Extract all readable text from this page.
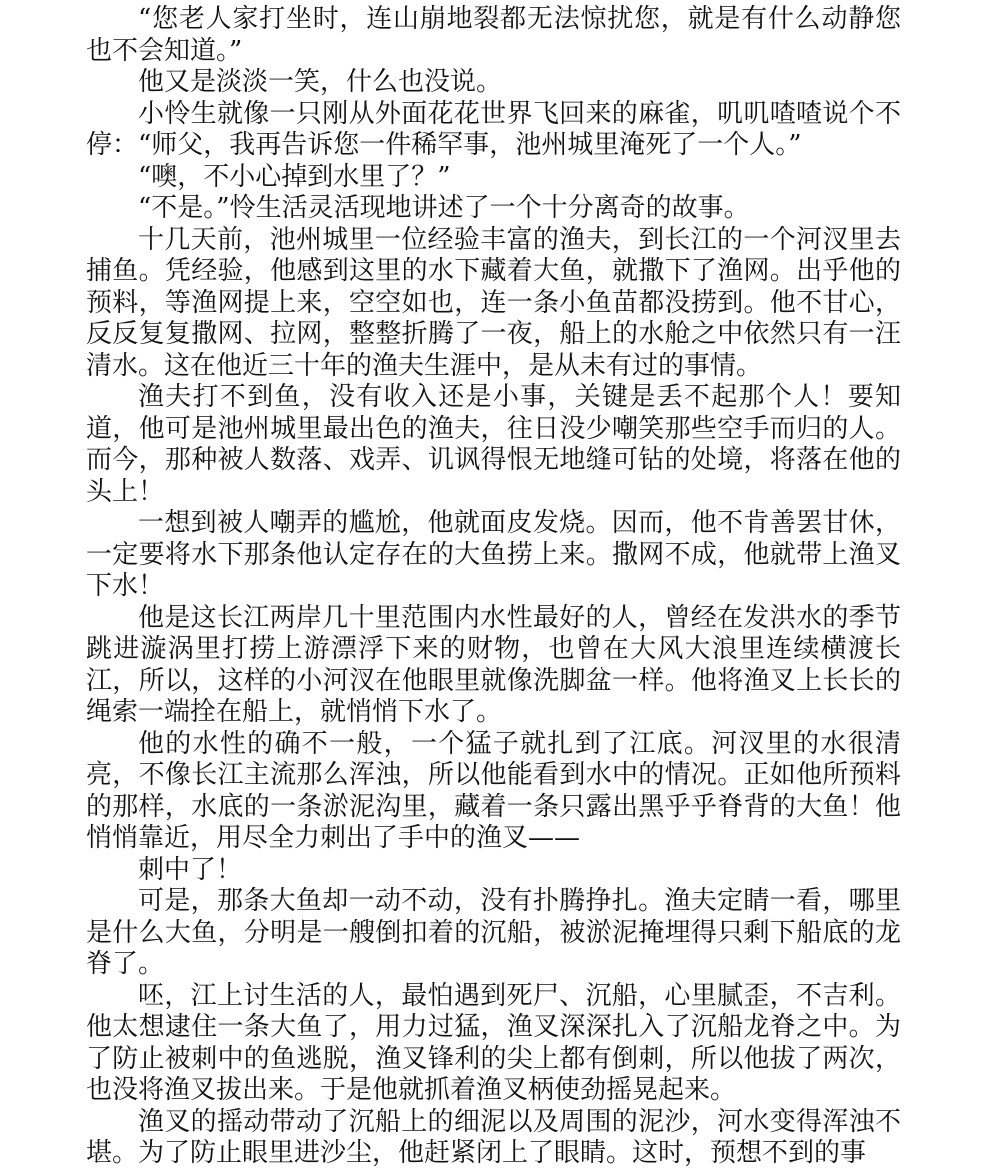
“您老人家打坐时，连山崩地裂都无法惊扰您，就是有什么动静您也不会知道。”

他又是淡淡一笑，什么也没说。

小怜生就像一只刚从外面花花世界飞回来的麻雀，叽叽喳喳说个不停：“师父，我再告诉您一件稀罕事，池州城里淹死了一个人。”

“噢，不小心掉到水里了？”

“不是。”怜生活灵活现地讲述了一个十分离奇的故事。

十几天前，池州城里一位经验丰富的渔夫，到长江的一个河汊里去捕鱼。凭经验，他感到这里的水下藏着大鱼，就撒下了渔网。出乎他的预料，等渔网提上来，空空如也，连一条小鱼苗都没捞到。他不甘心，反反复复撒网、拉网，整整折腾了一夜，船上的水舱之中依然只有一汪清水。这在他近三十年的渔夫生涯中，是从未有过的事情。

渔夫打不到鱼，没有收入还是小事，关键是丢不起那个人！要知道，他可是池州城里最出色的渔夫，往日没少嘲笑那些空手而归的人。而今，那种被人数落、戏弄、讥讽得恨无地缝可钻的处境，将落在他的头上！

一想到被人嘲弄的尴尬，他就面皮发烧。因而，他不肯善罢甘休，一定要将水下那条他认定存在的大鱼捞上来。撒网不成，他就带上渔叉下水！

他是这长江两岸几十里范围内水性最好的人，曾经在发洪水的季节跳进漩涡里打捞上游漂浮下来的财物，也曾在大风大浪里连续横渡长江，所以，这样的小河汊在他眼里就像洗脚盆一样。他将渔叉上长长的绳索一端拴在船上，就悄悄下水了。

他的水性的确不一般，一个猛子就扎到了江底。河汊里的水很清亮，不像长江主流那么浑浊，所以他能看到水中的情况。正如他所预料的那样，水底的一条淤泥沟里，藏着一条只露出黑乎乎脊背的大鱼！他悄悄靠近，用尽全力刺出了手中的渔叉——

刺中了！

可是，那条大鱼却一动不动，没有扑腾挣扎。渔夫定睛一看，哪里是什么大鱼，分明是一艘倒扣着的沉船，被淤泥掩埋得只剩下船底的龙脊了。

呸，江上讨生活的人，最怕遇到死尸、沉船，心里腻歪，不吉利。他太想逮住一条大鱼了，用力过猛，渔叉深深扎入了沉船龙脊之中。为了防止被刺中的鱼逃脱，渔叉锋利的尖上都有倒刺，所以他拔了两次，也没将渔叉拔出来。于是他就抓着渔叉柄使劲摇晃起来。

渔叉的摇动带动了沉船上的细泥以及周围的泥沙，河水变得浑浊不堪。为了防止眼里进沙尘，他赶紧闭上了眼睛。这时，预想不到的事
